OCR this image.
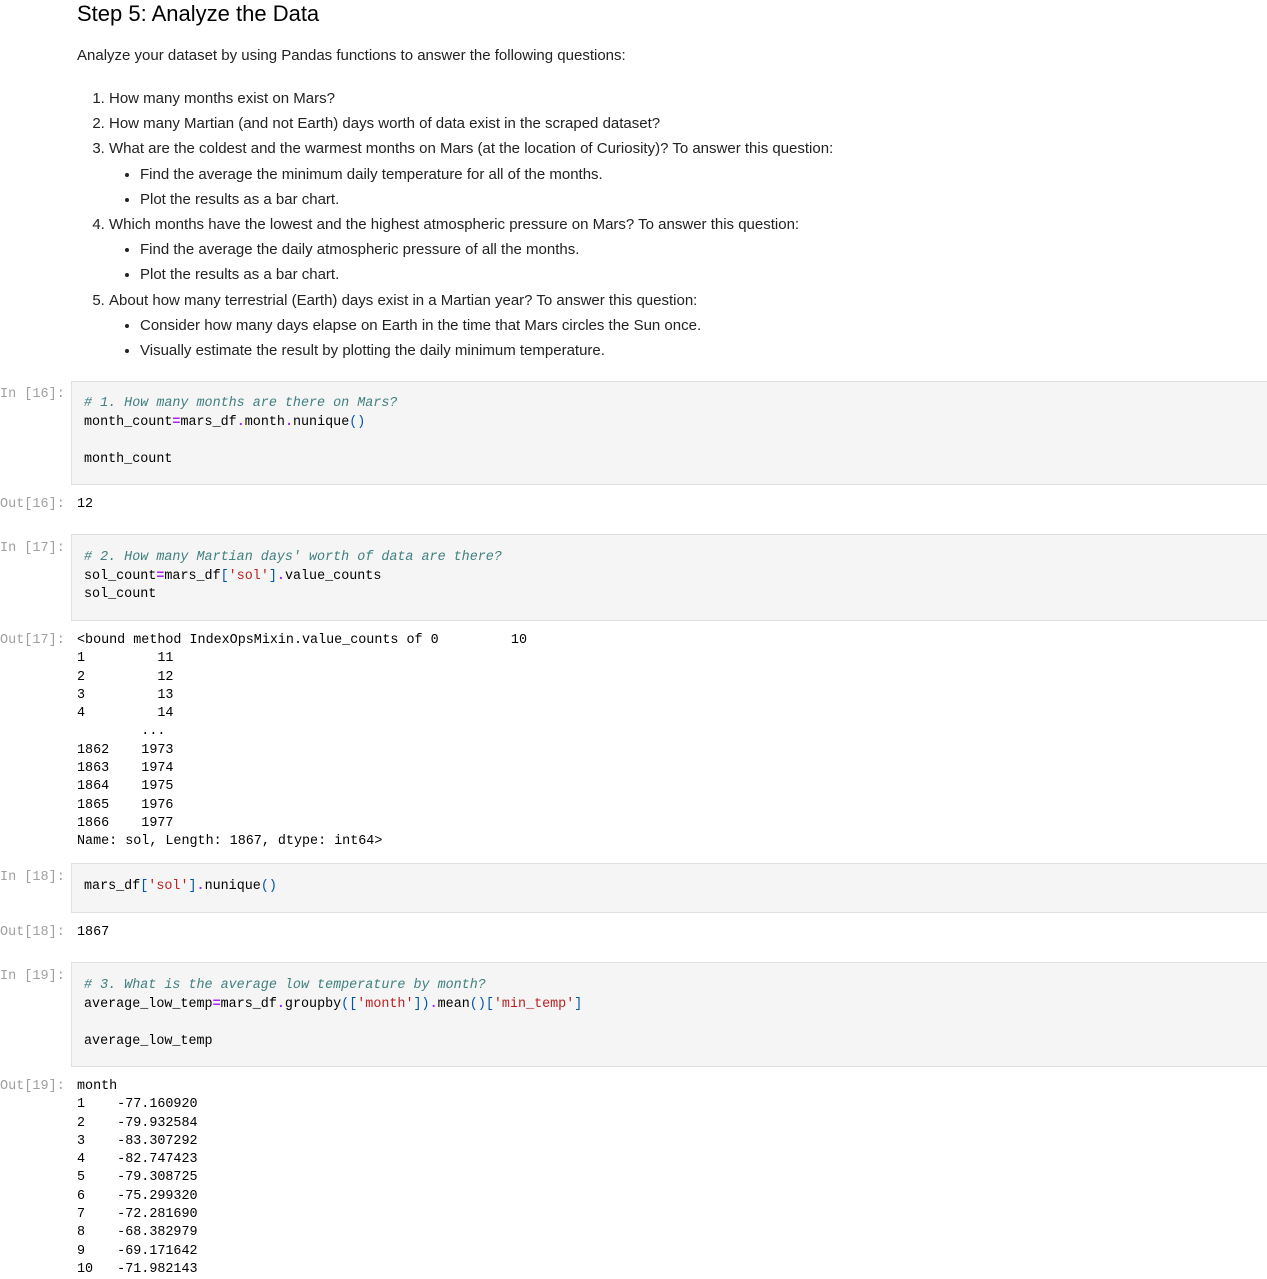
Step 5: Analyze the Data
Analyze your dataset by using Pandas functions to answer the following questions:
1. How many months exist on Mars?
2. How many Martian (and not Earth) days worth of data exist in the scraped dataset?
3. What are the coldest and the warmest months on Mars (at the location of Curiosity)? To answer this question:
• Find the average the minimum daily temperature for all of the months.
• Plot the results as a bar chart.
4. Which months have the lowest and the highest atmospheric pressure on Mars? To answer this question:
• Find the average the daily atmospheric pressure of all the months.
• Plot the results as a bar chart.
5. About how many terrestrial (Earth) days exist in a Martian year? To answer this question:
• Consider how many days elapse on Earth in the time that Mars circles the Sun once.
• Visually estimate the result by plotting the daily minimum temperature.
In [16]:
# 1. How many months are there on Mars?
month_count=mars_df.month.nunique()

month_count
Out[16]: 12
In [17]:
# 2. How many Martian days' worth of data are there?
sol_count=mars_df['sol'].value_counts
sol_count
Out[17]: <bound method IndexOpsMixin.value_counts of 0         10
1         11
2         12
3         13
4         14
...
1862    1973
1863    1974
1864    1975
1865    1976
1866    1977
Name: sol, Length: 1867, dtype: int64>
In [18]:
mars_df['sol'].nunique()
Out[18]: 1867
In [19]:
# 3. What is the average low temperature by month?
average_low_temp=mars_df.groupby(['month']).mean()['min_temp']

average_low_temp
Out[19]: month
1    -77.160920
2    -79.932584
3    -83.307292
4    -82.747423
5    -79.308725
6    -75.299320
7    -72.281690
8    -68.382979
9    -69.171642
10   -71.982143
